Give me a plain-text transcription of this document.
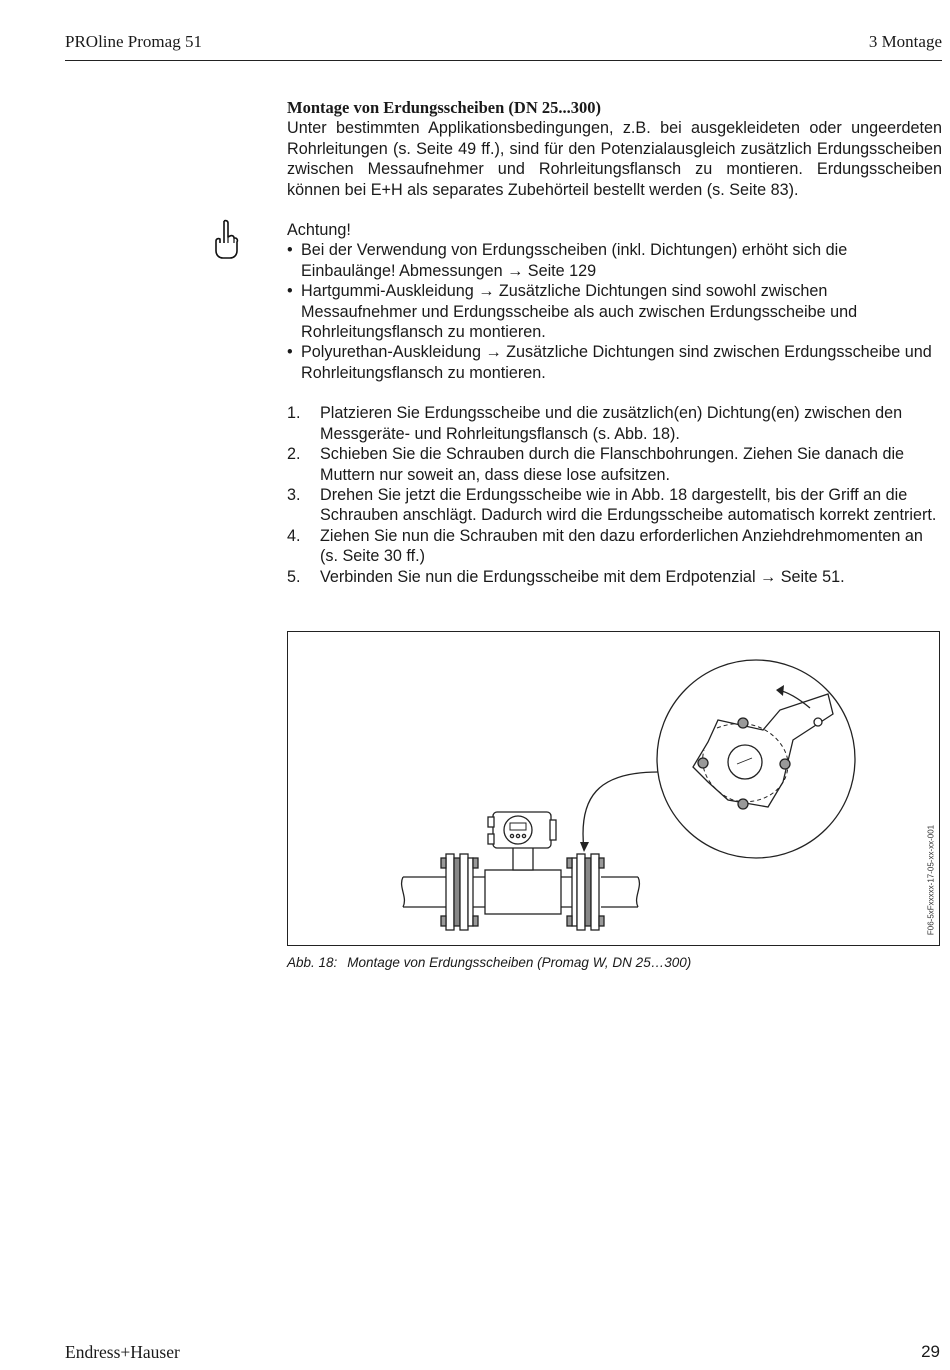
PROline Promag 51	3 Montage

Montage von Erdungsscheiben (DN 25...300)

Unter bestimmten Applikationsbedingungen, z.B. bei ausgekleideten oder ungeerdeten Rohrleitungen (s. Seite 49 ff.), sind für den Potenzialausgleich zusätzlich Erdungsscheiben zwischen Messaufnehmer und Rohrleitungsflansch zu montieren. Erdungsscheiben können bei E+H als separates Zubehörteil bestellt werden (s. Seite 83).

Achtung!

• Bei der Verwendung von Erdungsscheiben (inkl. Dichtungen) erhöht sich die Einbaulänge! Abmessungen → Seite 129
• Hartgummi-Auskleidung → Zusätzliche Dichtungen sind sowohl zwischen Messaufnehmer und Erdungsscheibe als auch zwischen Erdungsscheibe und Rohrleitungsflansch zu montieren.
• Polyurethan-Auskleidung → Zusätzliche Dichtungen sind zwischen Erdungsscheibe und Rohrleitungsflansch zu montieren.
1. Platzieren Sie Erdungsscheibe und die zusätzlich(en) Dichtung(en) zwischen den Messgeräte- und Rohrleitungsflansch (s. Abb. 18).
2. Schieben Sie die Schrauben durch die Flanschbohrungen. Ziehen Sie danach die Muttern nur soweit an, dass diese lose aufsitzen.
3. Drehen Sie jetzt die Erdungsscheibe wie in Abb. 18 dargestellt, bis der Griff an die Schrauben anschlägt. Dadurch wird die Erdungsscheibe automatisch korrekt zentriert.
4. Ziehen Sie nun die Schrauben mit den dazu erforderlichen Anziehdrehmomenten an (s. Seite 30 ff.)
5. Verbinden Sie nun die Erdungsscheibe mit dem Erdpotenzial → Seite 51.
F06-5xFxxxxx-17-05-xx-xx-001
Abb. 18: Montage von Erdungsscheiben (Promag W, DN 25…300)
Endress+Hauser	29
